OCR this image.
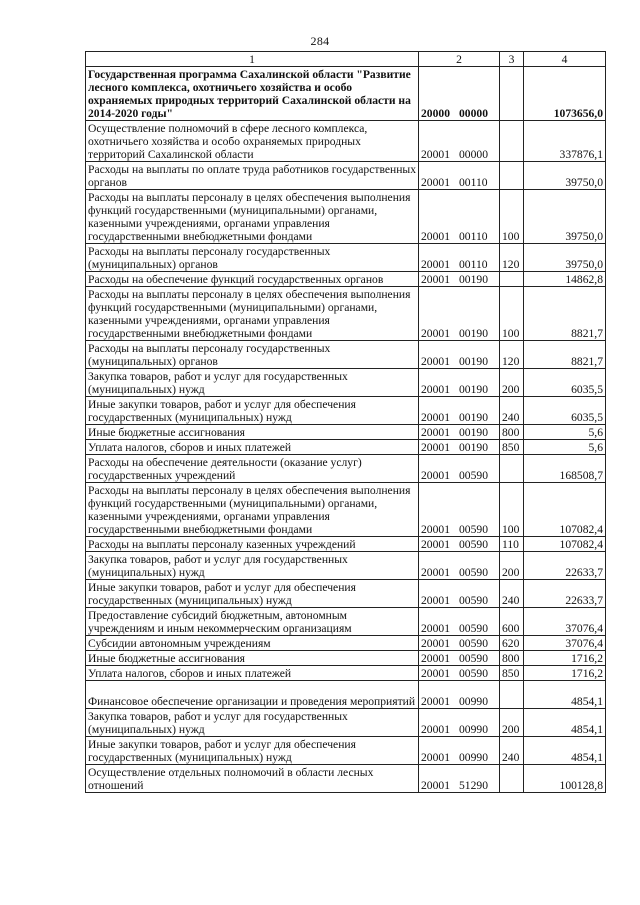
284
1	2	3	4
Государственная программа Сахалинской области "Развитие лесного комплекса, охотничьего хозяйства и особо охраняемых природных территорий Сахалинской области на 2014-2020 годы"	20000 00000		1073656,0
Осуществление полномочий в сфере лесного комплекса, охотничьего хозяйства и особо охраняемых природных территорий Сахалинской области	20001 00000		337876,1
Расходы на выплаты по оплате труда работников государственных органов	20001 00110		39750,0
Расходы на выплаты персоналу в целях обеспечения выполнения функций государственными (муниципальными) органами, казенными учреждениями, органами управления государственными внебюджетными фондами	20001 00110	100	39750,0
Расходы на выплаты персоналу государственных (муниципальных) органов	20001 00110	120	39750,0
Расходы на обеспечение функций государственных органов	20001 00190		14862,8
Расходы на выплаты персоналу в целях обеспечения выполнения функций государственными (муниципальными) органами, казенными учреждениями, органами управления государственными внебюджетными фондами	20001 00190	100	8821,7
Расходы на выплаты персоналу государственных (муниципальных) органов	20001 00190	120	8821,7
Закупка товаров, работ и услуг для государственных (муниципальных) нужд	20001 00190	200	6035,5
Иные закупки товаров, работ и услуг для обеспечения государственных (муниципальных) нужд	20001 00190	240	6035,5
Иные бюджетные ассигнования	20001 00190	800	5,6
Уплата налогов, сборов и иных платежей	20001 00190	850	5,6
Расходы на обеспечение деятельности (оказание услуг) государственных учреждений	20001 00590		168508,7
Расходы на выплаты персоналу в целях обеспечения выполнения функций государственными (муниципальными) органами, казенными учреждениями, органами управления государственными внебюджетными фондами	20001 00590	100	107082,4
Расходы на выплаты персоналу казенных учреждений	20001 00590	110	107082,4
Закупка товаров, работ и услуг для государственных (муниципальных) нужд	20001 00590	200	22633,7
Иные закупки товаров, работ и услуг для обеспечения государственных (муниципальных) нужд	20001 00590	240	22633,7
Предоставление субсидий бюджетным, автономным учреждениям и иным некоммерческим организациям	20001 00590	600	37076,4
Субсидии автономным учреждениям	20001 00590	620	37076,4
Иные бюджетные ассигнования	20001 00590	800	1716,2
Уплата налогов, сборов и иных платежей	20001 00590	850	1716,2
Финансовое обеспечение организации и проведения мероприятий	20001 00990		4854,1
Закупка товаров, работ и услуг для государственных (муниципальных) нужд	20001 00990	200	4854,1
Иные закупки товаров, работ и услуг для обеспечения государственных (муниципальных) нужд	20001 00990	240	4854,1
Осуществление отдельных полномочий в области лесных отношений	20001 51290		100128,8
